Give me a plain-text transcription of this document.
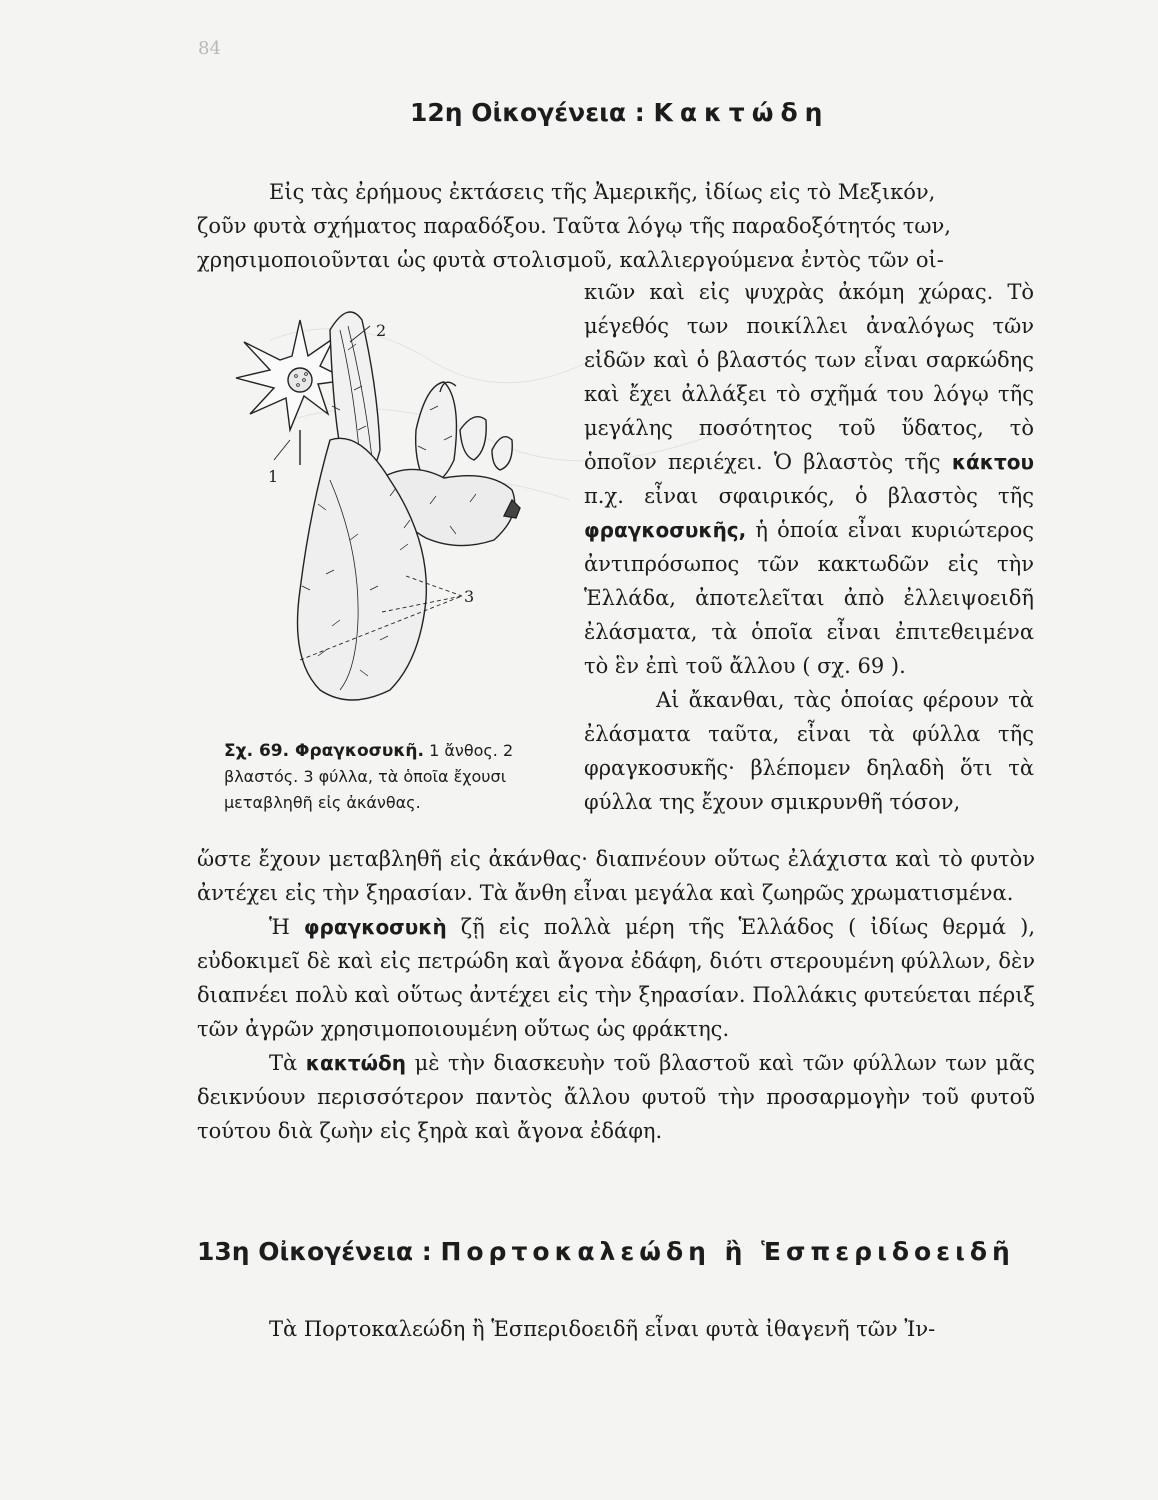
84
12η Οἰκογένεια : Κακτώδη
Εἰς τὰς ἐρήμους ἐκτάσεις τῆς Ἀμερικῆς, ἰδίως εἰς τὸ Μεξικόν,
ζοῦν φυτὰ σχήματος παραδόξου. Ταῦτα λόγῳ τῆς παραδοξότητός των,
χρησιμοποιοῦνται ὡς φυτὰ στολισμοῦ, καλλιεργούμενα ἐντὸς τῶν οἰ-
1
2
3

κιῶν καὶ εἰς ψυχρὰς ἀκόμη χώρας. Τὸ μέγεθός των ποικίλλει ἀναλόγως τῶν εἰδῶν καὶ ὁ βλαστός των εἶναι σαρκώδης καὶ ἔχει ἀλλάξει τὸ σχῆμά του λόγῳ τῆς μεγάλης ποσότητος τοῦ ὕδατος, τὸ ὁποῖον περιέχει. Ὁ βλαστὸς τῆς κάκτου π.χ. εἶναι σφαιρικός, ὁ βλαστὸς τῆς φραγκοσυκῆς, ἡ ὁποία εἶναι κυριώτερος ἀντιπρόσωπος τῶν κακτωδῶν εἰς τὴν Ἑλλάδα, ἀποτελεῖται ἀπὸ ἐλλειψοειδῆ ἐλάσματα, τὰ ὁποῖα εἶναι ἐπιτεθειμένα τὸ ἓν ἐπὶ τοῦ ἄλλου ( σχ. 69 ).

Αἱ ἄκανθαι, τὰς ὁποίας φέρουν τὰ ἐλάσματα ταῦτα, εἶναι τὰ φύλλα τῆς φραγκοσυκῆς· βλέπομεν δηλαδὴ ὅτι τὰ φύλλα της ἔχουν σμικρυνθῆ τόσον,

Σχ. 69. Φραγκοσυκῆ. 1 ἄνθος. 2 βλαστός. 3 φύλλα, τὰ ὁποῖα ἔχουσι μεταβληθῆ εἰς ἀκάνθας.

ὥστε ἔχουν μεταβληθῆ εἰς ἀκάνθας· διαπνέουν οὕτως ἐλάχιστα καὶ τὸ φυτὸν ἀντέχει εἰς τὴν ξηρασίαν. Τὰ ἄνθη εἶναι μεγάλα καὶ ζωηρῶς χρωματισμένα.

Ἡ φραγκοσυκὴ ζῇ εἰς πολλὰ μέρη τῆς Ἑλλάδος ( ἰδίως θερμά ), εὐδοκιμεῖ δὲ καὶ εἰς πετρώδη καὶ ἄγονα ἐδάφη, διότι στερουμένη φύλλων, δὲν διαπνέει πολὺ καὶ οὕτως ἀντέχει εἰς τὴν ξηρασίαν. Πολλάκις φυτεύεται πέριξ τῶν ἀγρῶν χρησιμοποιουμένη οὕτως ὡς φράκτης.

Τὰ κακτώδη μὲ τὴν διασκευὴν τοῦ βλαστοῦ καὶ τῶν φύλλων των μᾶς δεικνύουν περισσότερον παντὸς ἄλλου φυτοῦ τὴν προσαρμογὴν τοῦ φυτοῦ τούτου διὰ ζωὴν εἰς ξηρὰ καὶ ἄγονα ἐδάφη.

13η Οἰκογένεια : Πορτοκαλεώδη ἢ Ἑσπεριδοειδῆ

Τὰ Πορτοκαλεώδη ἢ Ἑσπεριδοειδῆ εἶναι φυτὰ ἰθαγενῆ τῶν Ἰν-
